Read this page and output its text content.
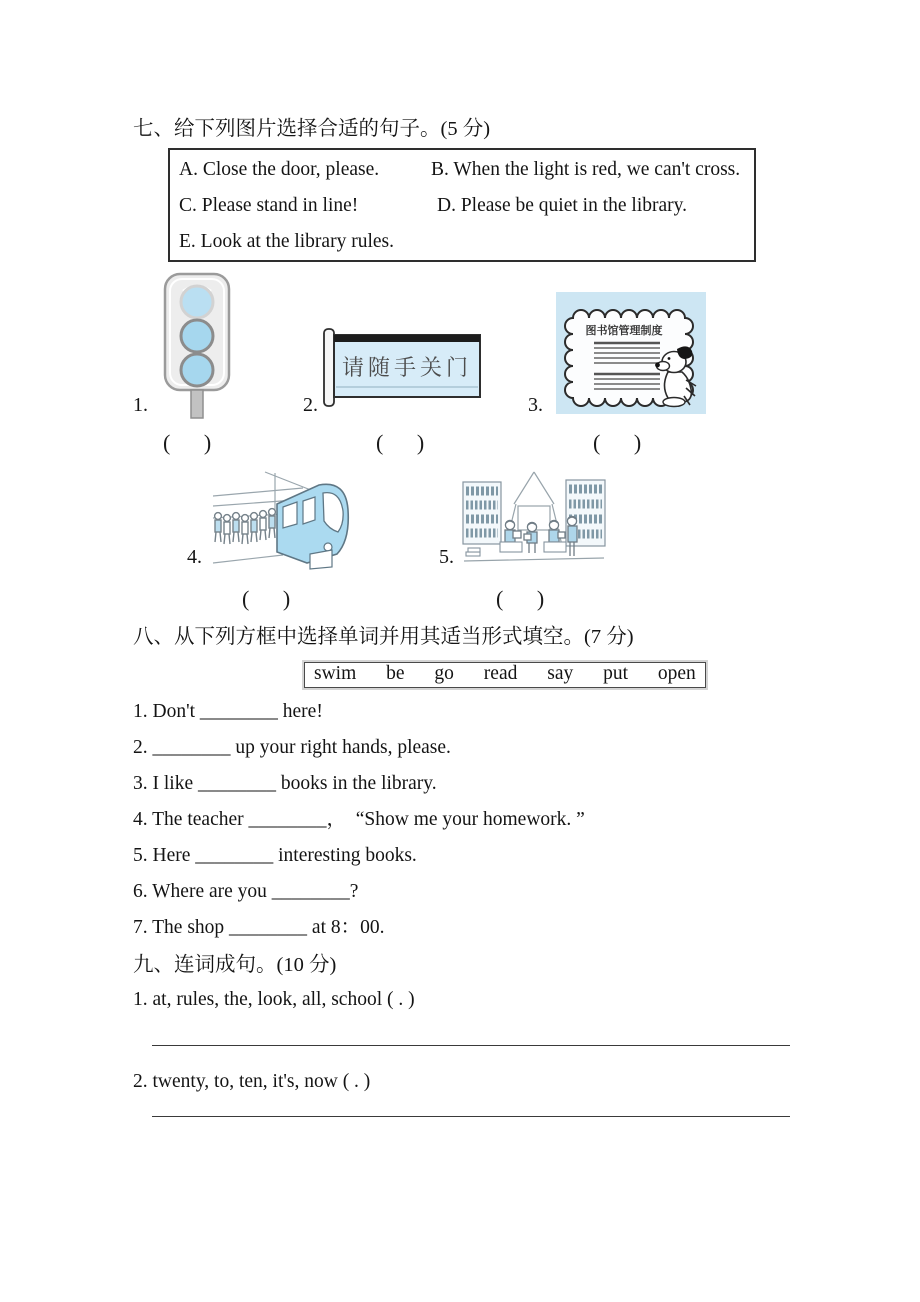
七、给下列图片选择合适的句子。(5 分)
A. Close the door, please.	B. When the light is red, we can't cross.
C. Please stand in line!	D. Please be quiet in the library.
E. Look at the library rules.
1.
请随手关门
2.
图书馆管理制度
3.
(     )	(     )	(     )
4.	5.
(     )	(     )
八、从下列方框中选择单词并用其适当形式填空。(7 分)
swim be go read say put open
1. Don't ________ here!
2. ________ up your right hands, please.
3. I like ________ books in the library.
4. The teacher ________，  “Show me your homework. ”
5. Here ________ interesting books.
6. Where are you ________?
7. The shop ________ at 8：00.
九、连词成句。(10 分)
1. at, rules, the, look, all, school ( . )
2. twenty, to, ten, it's, now ( . )
